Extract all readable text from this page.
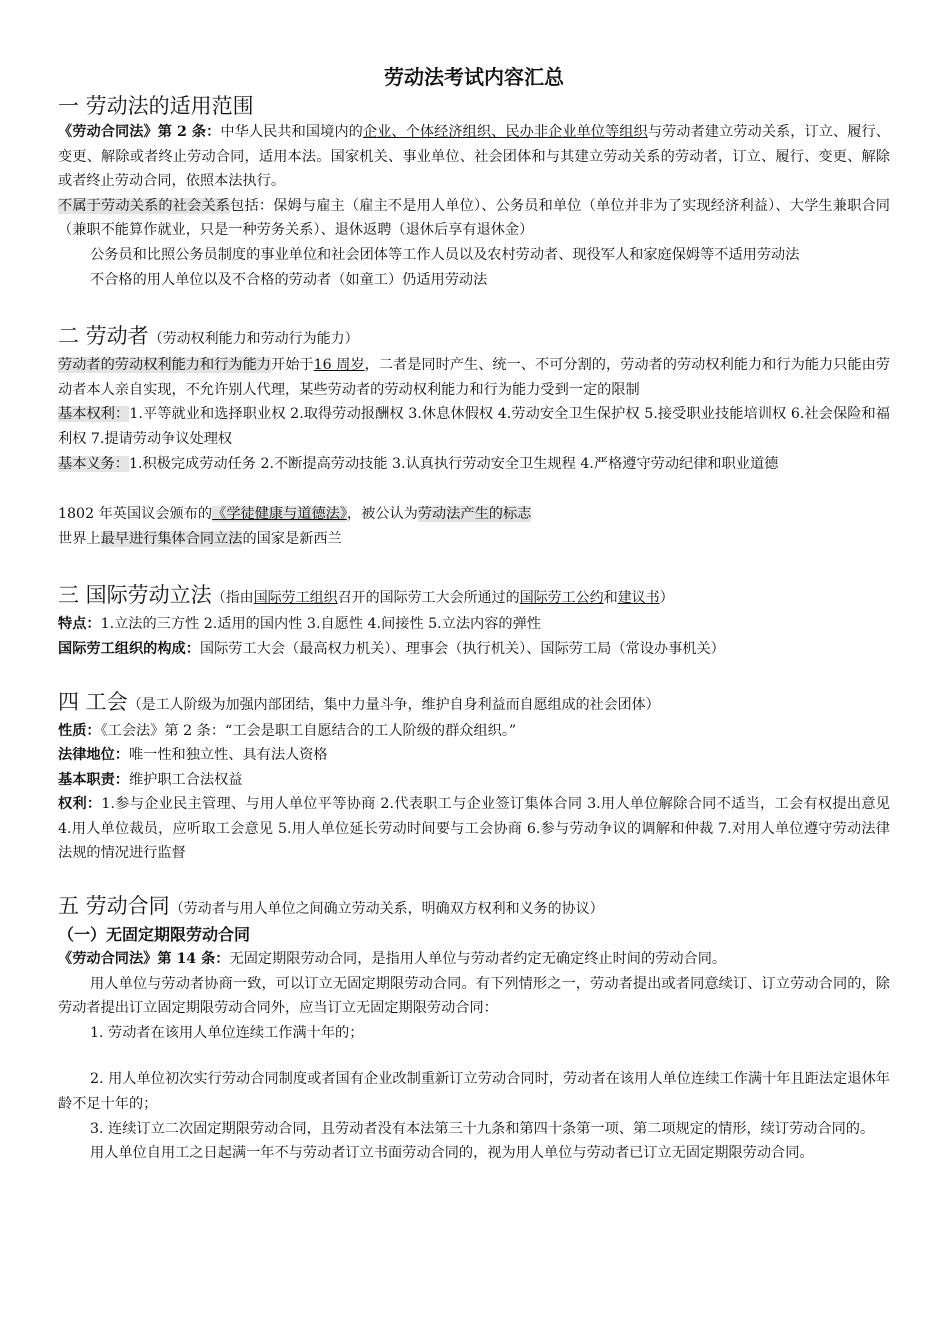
劳动法考试内容汇总
一 劳动法的适用范围

《劳动合同法》第 2 条：中华人民共和国境内的企业、个体经济组织、民办非企业单位等组织与劳动者建立劳动关系，订立、履行、变更、解除或者终止劳动合同，适用本法。国家机关、事业单位、社会团体和与其建立劳动关系的劳动者，订立、履行、变更、解除或者终止劳动合同，依照本法执行。

不属于劳动关系的社会关系包括：保姆与雇主（雇主不是用人单位）、公务员和单位（单位并非为了实现经济利益）、大学生兼职合同（兼职不能算作就业，只是一种劳务关系）、退休返聘（退休后享有退休金）

公务员和比照公务员制度的事业单位和社会团体等工作人员以及农村劳动者、现役军人和家庭保姆等不适用劳动法

不合格的用人单位以及不合格的劳动者（如童工）仍适用劳动法

二 劳动者（劳动权利能力和劳动行为能力）

劳动者的劳动权利能力和行为能力开始于16 周岁，二者是同时产生、统一、不可分割的，劳动者的劳动权利能力和行为能力只能由劳动者本人亲自实现，不允许别人代理，某些劳动者的劳动权利能力和行为能力受到一定的限制

基本权利：1.平等就业和选择职业权 2.取得劳动报酬权 3.休息休假权 4.劳动安全卫生保护权 5.接受职业技能培训权 6.社会保险和福利权 7.提请劳动争议处理权

基本义务：1.积极完成劳动任务 2.不断提高劳动技能 3.认真执行劳动安全卫生规程 4.严格遵守劳动纪律和职业道德

1802 年英国议会颁布的《学徒健康与道德法》，被公认为劳动法产生的标志

世界上最早进行集体合同立法的国家是新西兰

三 国际劳动立法（指由国际劳工组织召开的国际劳工大会所通过的国际劳工公约和建议书）

特点：1.立法的三方性 2.适用的国内性 3.自愿性 4.间接性 5.立法内容的弹性

国际劳工组织的构成：国际劳工大会（最高权力机关）、理事会（执行机关）、国际劳工局（常设办事机关）

四 工会（是工人阶级为加强内部团结，集中力量斗争，维护自身利益而自愿组成的社会团体）

性质：《工会法》第 2 条：“工会是职工自愿结合的工人阶级的群众组织。”

法律地位：唯一性和独立性、具有法人资格

基本职责：维护职工合法权益

权利：1.参与企业民主管理、与用人单位平等协商 2.代表职工与企业签订集体合同 3.用人单位解除合同不适当，工会有权提出意见 4.用人单位裁员，应听取工会意见 5.用人单位延长劳动时间要与工会协商 6.参与劳动争议的调解和仲裁 7.对用人单位遵守劳动法律法规的情况进行监督

五 劳动合同（劳动者与用人单位之间确立劳动关系，明确双方权利和义务的协议）
（一）无固定期限劳动合同

《劳动合同法》第 14 条：无固定期限劳动合同，是指用人单位与劳动者约定无确定终止时间的劳动合同。

用人单位与劳动者协商一致，可以订立无固定期限劳动合同。有下列情形之一，劳动者提出或者同意续订、订立劳动合同的，除劳动者提出订立固定期限劳动合同外，应当订立无固定期限劳动合同：

1. 劳动者在该用人单位连续工作满十年的；

2. 用人单位初次实行劳动合同制度或者国有企业改制重新订立劳动合同时，劳动者在该用人单位连续工作满十年且距法定退休年龄不足十年的；

3. 连续订立二次固定期限劳动合同，且劳动者没有本法第三十九条和第四十条第一项、第二项规定的情形，续订劳动合同的。

用人单位自用工之日起满一年不与劳动者订立书面劳动合同的，视为用人单位与劳动者已订立无固定期限劳动合同。
